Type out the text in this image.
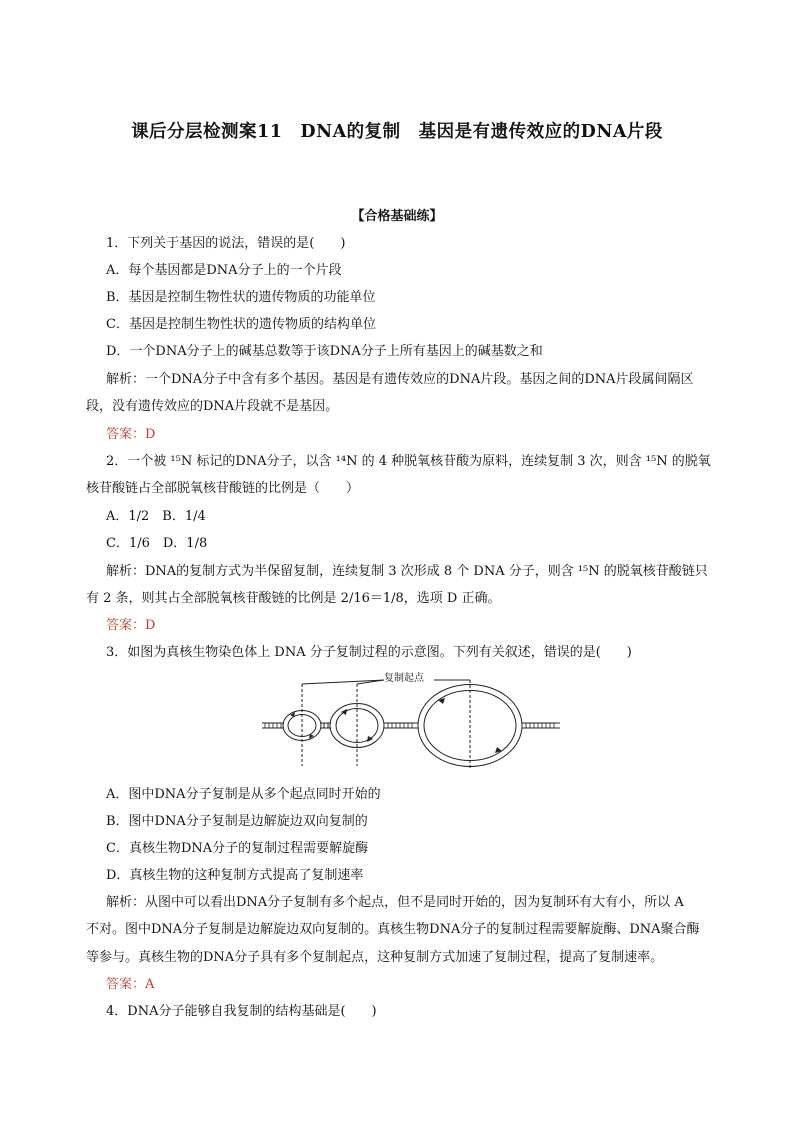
课后分层检测案11　DNA的复制　基因是有遗传效应的DNA片段
【合格基础练】
1．下列关于基因的说法，错误的是(　　)
A．每个基因都是DNA分子上的一个片段
B．基因是控制生物性状的遗传物质的功能单位
C．基因是控制生物性状的遗传物质的结构单位
D．一个DNA分子上的碱基总数等于该DNA分子上所有基因上的碱基数之和
解析：一个DNA分子中含有多个基因。基因是有遗传效应的DNA片段。基因之间的DNA片段属间隔区
段，没有遗传效应的DNA片段就不是基因。
答案：D
2．一个被 ¹⁵N 标记的DNA分子，以含 ¹⁴N 的 4 种脱氧核苷酸为原料，连续复制 3 次，则含 ¹⁵N 的脱氧
核苷酸链占全部脱氧核苷酸链的比例是（　　）
A．1/2　B．1/4
C．1/6　D．1/8
解析：DNA的复制方式为半保留复制，连续复制 3 次形成 8 个 DNA 分子，则含 ¹⁵N 的脱氧核苷酸链只
有 2 条，则其占全部脱氧核苷酸链的比例是 2/16＝1/8，选项 D 正确。
答案：D
3．如图为真核生物染色体上 DNA 分子复制过程的示意图。下列有关叙述，错误的是(　　)
复制起点
A．图中DNA分子复制是从多个起点同时开始的
B．图中DNA分子复制是边解旋边双向复制的
C．真核生物DNA分子的复制过程需要解旋酶
D．真核生物的这种复制方式提高了复制速率
解析：从图中可以看出DNA分子复制有多个起点，但不是同时开始的，因为复制环有大有小，所以 A
不对。图中DNA分子复制是边解旋边双向复制的。真核生物DNA分子的复制过程需要解旋酶、DNA聚合酶
等参与。真核生物的DNA分子具有多个复制起点，这种复制方式加速了复制过程，提高了复制速率。
答案：A
4．DNA分子能够自我复制的结构基础是(　　)
